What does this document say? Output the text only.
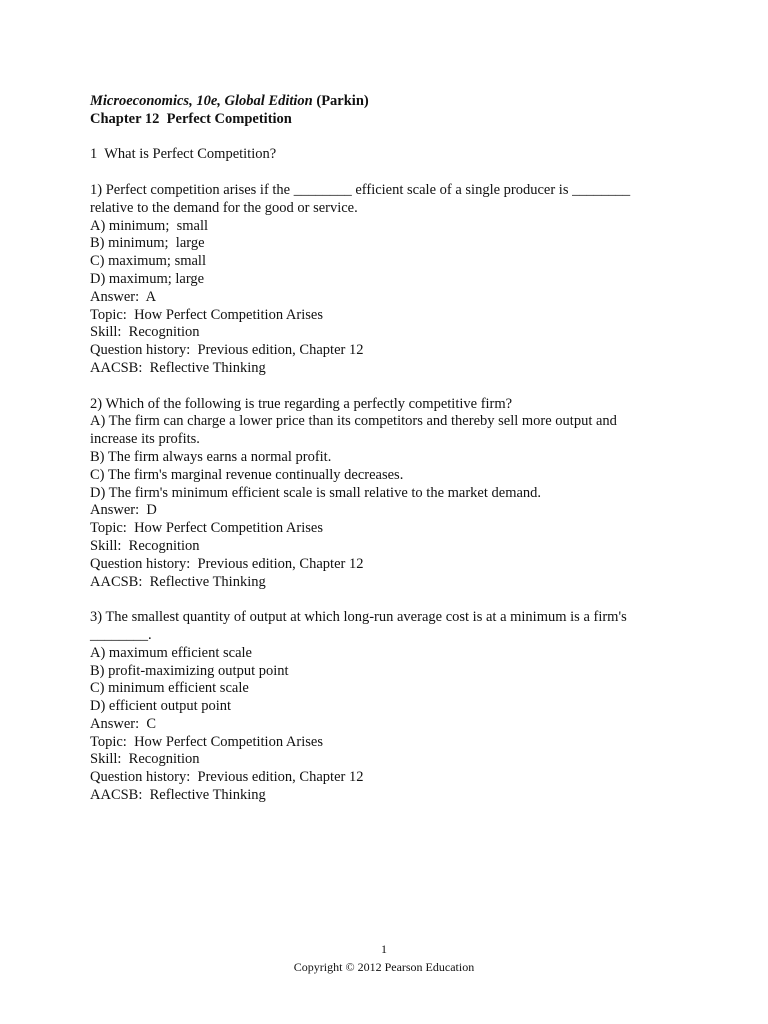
Microeconomics, 10e, Global Edition (Parkin)
Chapter 12  Perfect Competition
1  What is Perfect Competition?
1) Perfect competition arises if the ________ efficient scale of a single producer is ________
relative to the demand for the good or service.
A) minimum;  small
B) minimum;  large
C) maximum; small
D) maximum; large
Answer:  A
Topic:  How Perfect Competition Arises
Skill:  Recognition
Question history:  Previous edition, Chapter 12
AACSB:  Reflective Thinking
2) Which of the following is true regarding a perfectly competitive firm?
A) The firm can charge a lower price than its competitors and thereby sell more output and
increase its profits.
B) The firm always earns a normal profit.
C) The firm's marginal revenue continually decreases.
D) The firm's minimum efficient scale is small relative to the market demand.
Answer:  D
Topic:  How Perfect Competition Arises
Skill:  Recognition
Question history:  Previous edition, Chapter 12
AACSB:  Reflective Thinking
3) The smallest quantity of output at which long-run average cost is at a minimum is a firm's
________.
A) maximum efficient scale
B) profit-maximizing output point
C) minimum efficient scale
D) efficient output point
Answer:  C
Topic:  How Perfect Competition Arises
Skill:  Recognition
Question history:  Previous edition, Chapter 12
AACSB:  Reflective Thinking
1
Copyright © 2012 Pearson Education
